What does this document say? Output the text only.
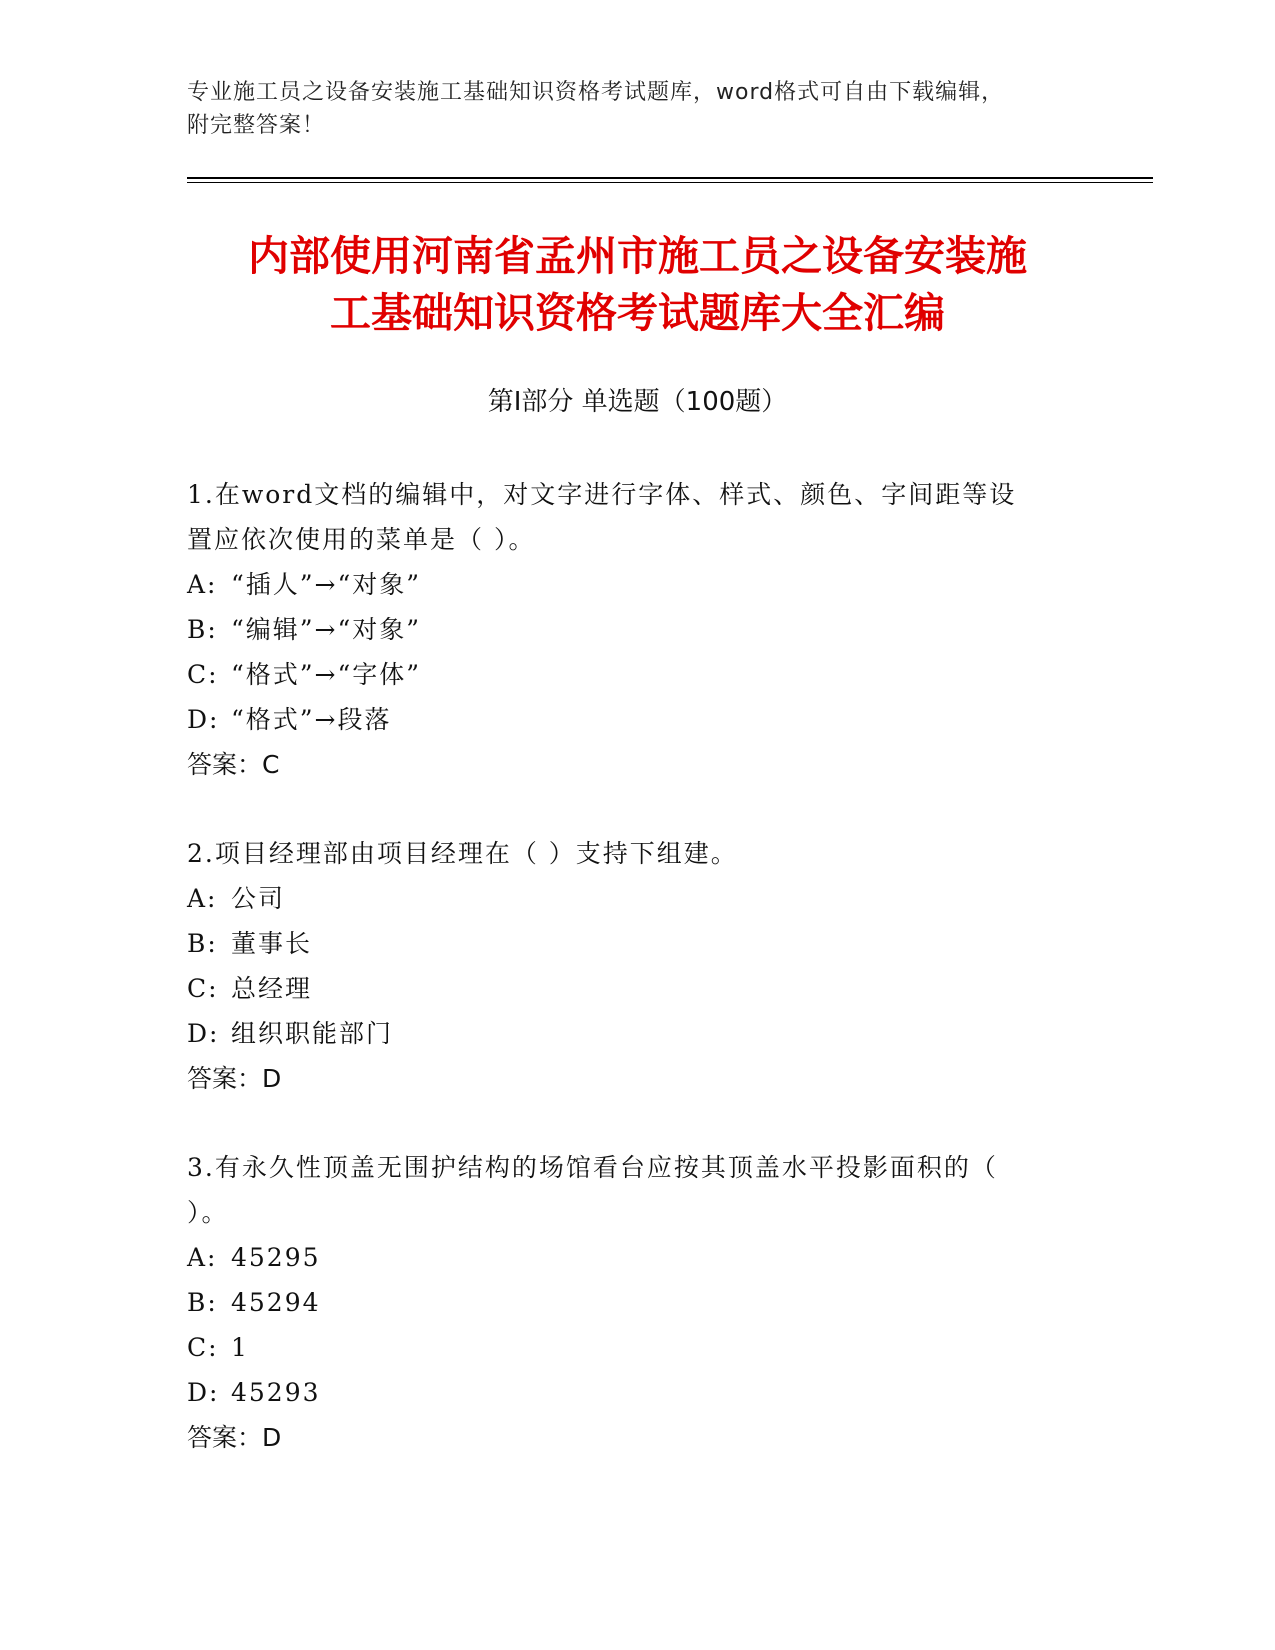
专业施工员之设备安装施工基础知识资格考试题库，word格式可自由下载编辑，
附完整答案！
内部使用河南省孟州市施工员之设备安装施
工基础知识资格考试题库大全汇编
第I部分 单选题（100题）
1.在word文档的编辑中，对文字进行字体、样式、颜色、字间距等设
置应依次使用的菜单是（ ）。
A: “插人”→“对象”
B: “编辑”→“对象”
C: “格式”→“字体”
D: “格式”→段落
答案：C
2.项目经理部由项目经理在（ ）支持下组建。
A: 公司
B: 董事长
C: 总经理
D: 组织职能部门
答案：D
3.有永久性顶盖无围护结构的场馆看台应按其顶盖水平投影面积的（
）。
A: 45295
B: 45294
C: 1
D: 45293
答案：D
